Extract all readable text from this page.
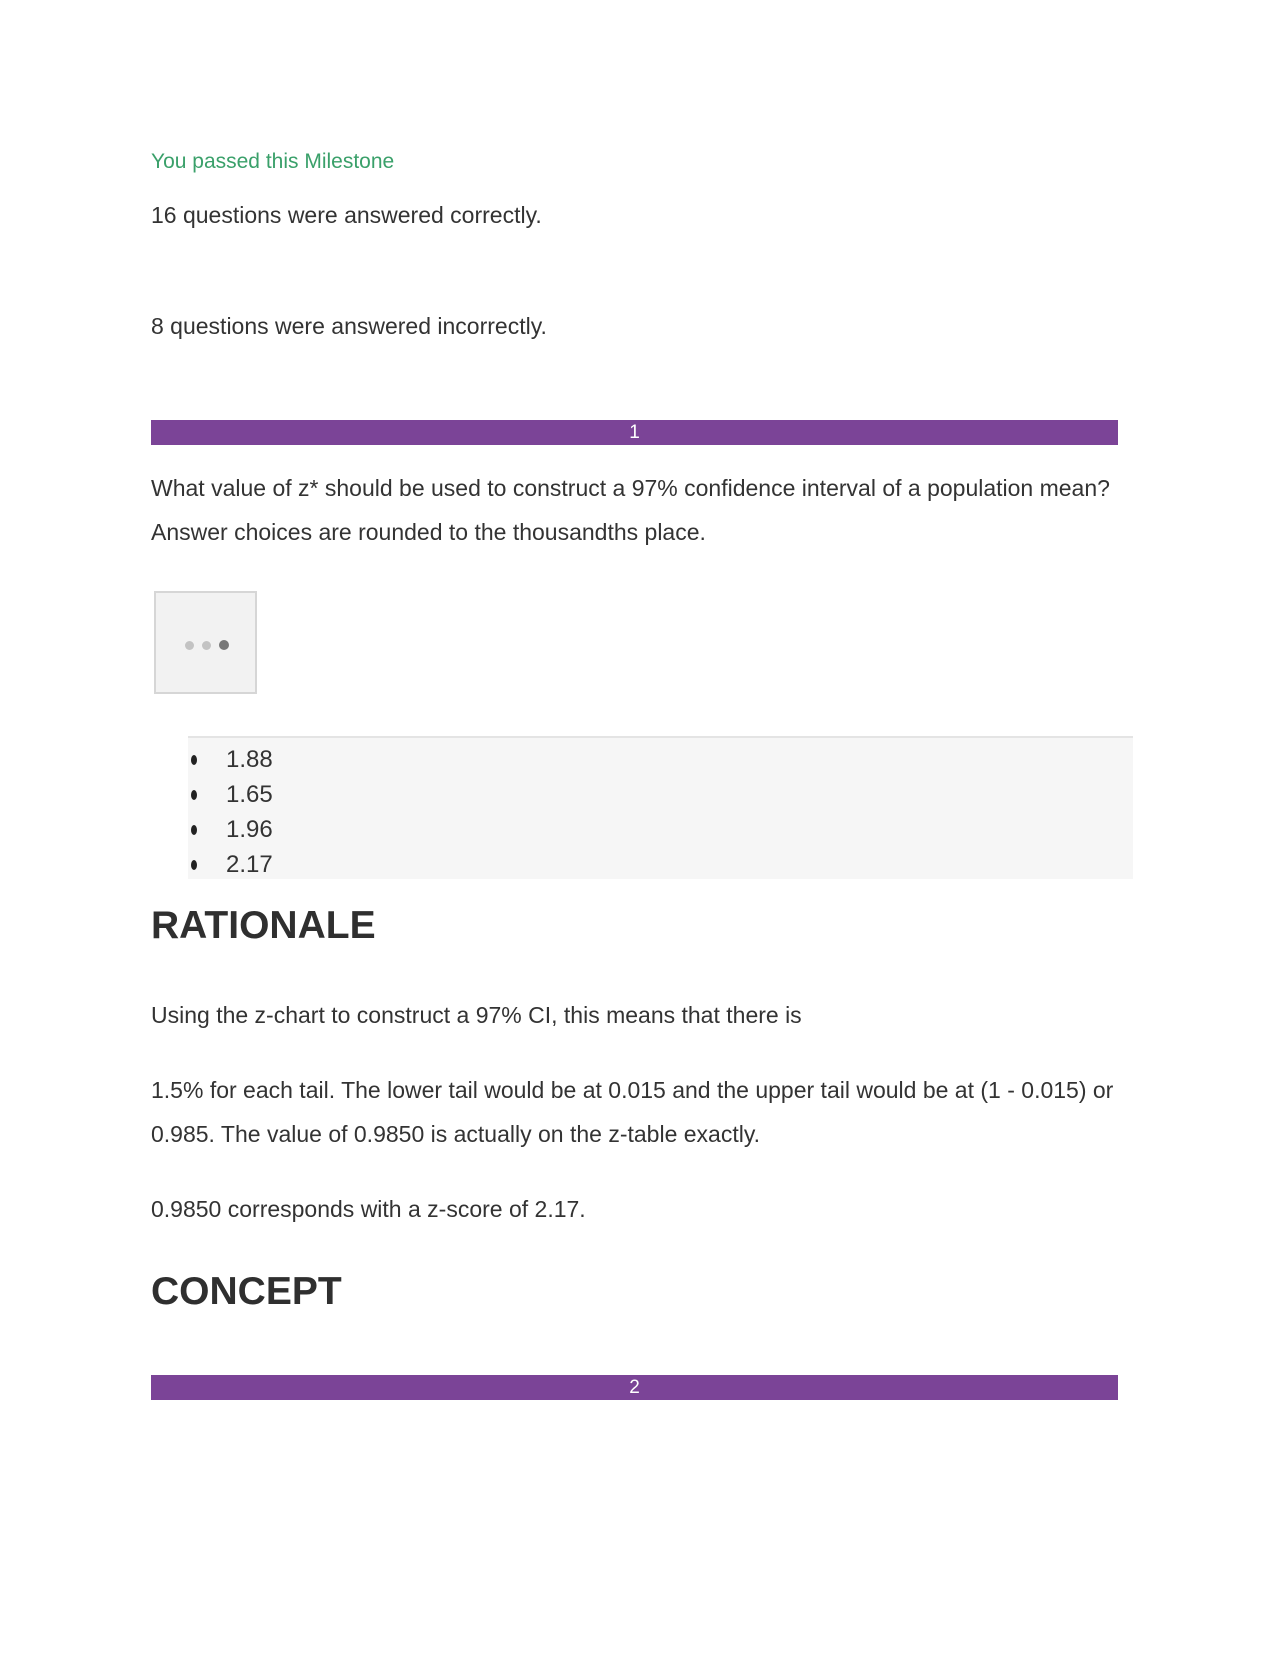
You passed this Milestone
16 questions were answered correctly.
8 questions were answered incorrectly.
1
What value of z* should be used to construct a 97% confidence interval of a population mean? Answer choices are rounded to the thousandths place.
1.88
1.65
1.96
2.17
RATIONALE
Using the z-chart to construct a 97% CI, this means that there is
1.5% for each tail. The lower tail would be at 0.015 and the upper tail would be at (1 - 0.015) or 0.985. The value of 0.9850 is actually on the z-table exactly.
0.9850 corresponds with a z-score of 2.17.
CONCEPT
2
